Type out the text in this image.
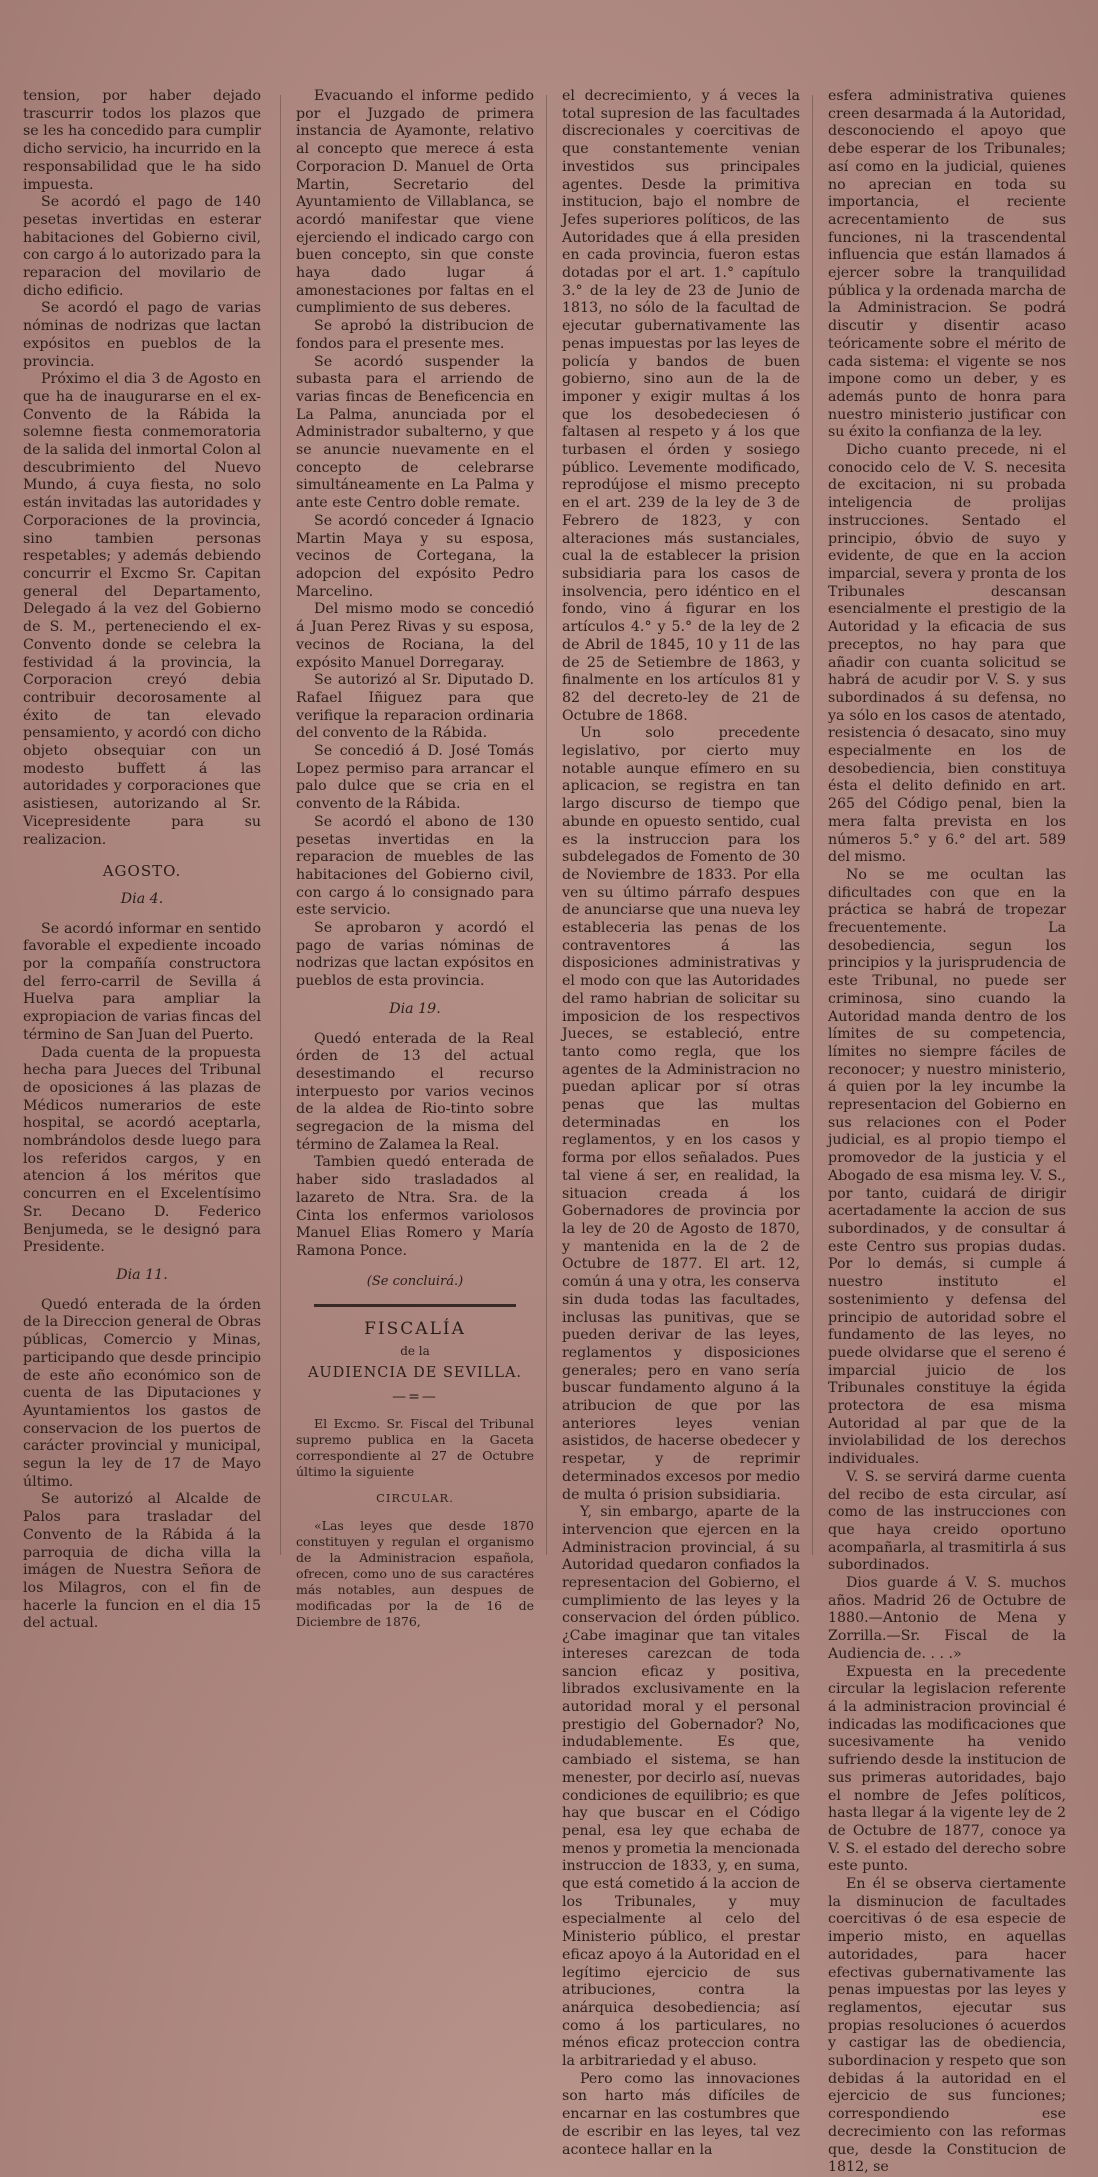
tension, por haber dejado trascurrir todos los plazos que se les ha concedido para cumplir dicho servicio, ha incurrido en la responsabilidad que le ha sido impuesta.

Se acordó el pago de 140 pesetas invertidas en esterar habitaciones del Gobierno civil, con cargo á lo autorizado para la reparacion del movilario de dicho edificio.

Se acordó el pago de varias nóminas de nodrizas que lactan expósitos en pueblos de la provincia.

Próximo el dia 3 de Agosto en que ha de inaugurarse en el ex-Convento de la Rábida la solemne fiesta conmemoratoria de la salida del inmortal Colon al descubrimiento del Nuevo Mundo, á cuya fiesta, no solo están invitadas las autoridades y Corporaciones de la provincia, sino tambien personas respetables; y además debiendo concurrir el Excmo Sr. Capitan general del Departamento, Delegado á la vez del Gobierno de S. M., perteneciendo el ex-Convento donde se celebra la festividad á la provincia, la Corporacion creyó debia contribuir decorosamente al éxito de tan elevado pensamiento, y acordó con dicho objeto obsequiar con un modesto buffett á las autoridades y corporaciones que asistiesen, autorizando al Sr. Vicepresidente para su realizacion.

AGOSTO.

Dia 4.

Se acordó informar en sentido favorable el expediente incoado por la compañía constructora del ferro-carril de Sevilla á Huelva para ampliar la expropiacion de varias fincas del término de San Juan del Puerto.

Dada cuenta de la propuesta hecha para Jueces del Tribunal de oposiciones á las plazas de Médicos numerarios de este hospital, se acordó aceptarla, nombrándolos desde luego para los referidos cargos, y en atencion á los méritos que concurren en el Excelentísimo Sr. Decano D. Federico Benjumeda, se le designó para Presidente.

Dia 11.

Quedó enterada de la órden de la Direccion general de Obras públicas, Comercio y Minas, participando que desde principio de este año económico son de cuenta de las Diputaciones y Ayuntamientos los gastos de conservacion de los puertos de carácter provincial y municipal, segun la ley de 17 de Mayo último.

Se autorizó al Alcalde de Palos para trasladar del Convento de la Rábida á la parroquia de dicha villa la imágen de Nuestra Señora de los Milagros, con el fin de hacerle la funcion en el dia 15 del actual.

Evacuando el informe pedido por el Juzgado de primera instancia de Ayamonte, relativo al concepto que merece á esta Corporacion D. Manuel de Orta Martin, Secretario del Ayuntamiento de Villablanca, se acordó manifestar que viene ejerciendo el indicado cargo con buen concepto, sin que conste haya dado lugar á amonestaciones por faltas en el cumplimiento de sus deberes.

Se aprobó la distribucion de fondos para el presente mes.

Se acordó suspender la subasta para el arriendo de varias fincas de Beneficencia en La Palma, anunciada por el Administrador subalterno, y que se anuncie nuevamente en el concepto de celebrarse simultáneamente en La Palma y ante este Centro doble remate.

Se acordó conceder á Ignacio Martin Maya y su esposa, vecinos de Cortegana, la adopcion del expósito Pedro Marcelino.

Del mismo modo se concedió á Juan Perez Rivas y su esposa, vecinos de Rociana, la del expósito Manuel Dorregaray.

Se autorizó al Sr. Diputado D. Rafael Iñiguez para que verifique la reparacion ordinaria del convento de la Rábida.

Se concedió á D. José Tomás Lopez permiso para arrancar el palo dulce que se cria en el convento de la Rábida.

Se acordó el abono de 130 pesetas invertidas en la reparacion de muebles de las habitaciones del Gobierno civil, con cargo á lo consignado para este servicio.

Se aprobaron y acordó el pago de varias nóminas de nodrizas que lactan expósitos en pueblos de esta provincia.

Dia 19.

Quedó enterada de la Real órden de 13 del actual desestimando el recurso interpuesto por varios vecinos de la aldea de Rio-tinto sobre segregacion de la misma del término de Zalamea la Real.

Tambien quedó enterada de haber sido trasladados al lazareto de Ntra. Sra. de la Cinta los enfermos variolosos Manuel Elias Romero y María Ramona Ponce.

(Se concluirá.)

FISCALÍA

de la

AUDIENCIA DE SEVILLA.

—=—

El Excmo. Sr. Fiscal del Tribunal supremo publica en la Gaceta correspondiente al 27 de Octubre último la siguiente

CIRCULAR.

«Las leyes que desde 1870 constituyen y regulan el organismo de la Administracion española, ofrecen, como uno de sus caractéres más notables, aun despues de modificadas por la de 16 de Diciembre de 1876,

el decrecimiento, y á veces la total supresion de las facultades discrecionales y coercitivas de que constantemente venian investidos sus principales agentes. Desde la primitiva institucion, bajo el nombre de Jefes superiores políticos, de las Autoridades que á ella presiden en cada provincia, fueron estas dotadas por el art. 1.° capítulo 3.° de la ley de 23 de Junio de 1813, no sólo de la facultad de ejecutar gubernativamente las penas impuestas por las leyes de policía y bandos de buen gobierno, sino aun de la de imponer y exigir multas á los que los desobedeciesen ó faltasen al respeto y á los que turbasen el órden y sosiego público. Levemente modificado, reprodújose el mismo precepto en el art. 239 de la ley de 3 de Febrero de 1823, y con alteraciones más sustanciales, cual la de establecer la prision subsidiaria para los casos de insolvencia, pero idéntico en el fondo, vino á figurar en los artículos 4.° y 5.° de la ley de 2 de Abril de 1845, 10 y 11 de las de 25 de Setiembre de 1863, y finalmente en los artículos 81 y 82 del decreto-ley de 21 de Octubre de 1868.

Un solo precedente legislativo, por cierto muy notable aunque efímero en su aplicacion, se registra en tan largo discurso de tiempo que abunde en opuesto sentido, cual es la instruccion para los subdelegados de Fomento de 30 de Noviembre de 1833. Por ella ven su último párrafo despues de anunciarse que una nueva ley estableceria las penas de los contraventores á las disposiciones administrativas y el modo con que las Autoridades del ramo habrian de solicitar su imposicion de los respectivos Jueces, se estableció, entre tanto como regla, que los agentes de la Administracion no puedan aplicar por sí otras penas que las multas determinadas en los reglamentos, y en los casos y forma por ellos señalados. Pues tal viene á ser, en realidad, la situacion creada á los Gobernadores de provincia por la ley de 20 de Agosto de 1870, y mantenida en la de 2 de Octubre de 1877. El art. 12, común á una y otra, les conserva sin duda todas las facultades, inclusas las punitivas, que se pueden derivar de las leyes, reglamentos y disposiciones generales; pero en vano sería buscar fundamento alguno á la atribucion de que por las anteriores leyes venian asistidos, de hacerse obedecer y respetar, y de reprimir determinados excesos por medio de multa ó prision subsidiaria.

Y, sin embargo, aparte de la intervencion que ejercen en la Administracion provincial, á su Autoridad quedaron confiados la representacion del Gobierno, el cumplimiento de las leyes y la conservacion del órden público. ¿Cabe imaginar que tan vitales intereses carezcan de toda sancion eficaz y positiva, librados exclusivamente en la autoridad moral y el personal prestigio del Gobernador? No, indudablemente. Es que, cambiado el sistema, se han menester, por decirlo así, nuevas condiciones de equilibrio; es que hay que buscar en el Código penal, esa ley que echaba de menos y prometia la mencionada instruccion de 1833, y, en suma, que está cometido á la accion de los Tribunales, y muy especialmente al celo del Ministerio público, el prestar eficaz apoyo á la Autoridad en el legítimo ejercicio de sus atribuciones, contra la anárquica desobediencia; así como á los particulares, no ménos eficaz proteccion contra la arbitrariedad y el abuso.

Pero como las innovaciones son harto más difíciles de encarnar en las costumbres que de escribir en las leyes, tal vez acontece hallar en la

esfera administrativa quienes creen desarmada á la Autoridad, desconociendo el apoyo que debe esperar de los Tribunales; así como en la judicial, quienes no aprecian en toda su importancia, el reciente acrecentamiento de sus funciones, ni la trascendental influencia que están llamados á ejercer sobre la tranquilidad pública y la ordenada marcha de la Administracion. Se podrá discutir y disentir acaso teóricamente sobre el mérito de cada sistema: el vigente se nos impone como un deber, y es además punto de honra para nuestro ministerio justificar con su éxito la confianza de la ley.

Dicho cuanto precede, ni el conocido celo de V. S. necesita de excitacion, ni su probada inteligencia de prolijas instrucciones. Sentado el principio, óbvio de suyo y evidente, de que en la accion imparcial, severa y pronta de los Tribunales descansan esencialmente el prestigio de la Autoridad y la eficacia de sus preceptos, no hay para que añadir con cuanta solicitud se habrá de acudir por V. S. y sus subordinados á su defensa, no ya sólo en los casos de atentado, resistencia ó desacato, sino muy especialmente en los de desobediencia, bien constituya ésta el delito definido en art. 265 del Código penal, bien la mera falta prevista en los números 5.° y 6.° del art. 589 del mismo.

No se me ocultan las dificultades con que en la práctica se habrá de tropezar frecuentemente. La desobediencia, segun los principios y la jurisprudencia de este Tribunal, no puede ser criminosa, sino cuando la Autoridad manda dentro de los límites de su competencia, límites no siempre fáciles de reconocer; y nuestro ministerio, á quien por la ley incumbe la representacion del Gobierno en sus relaciones con el Poder judicial, es al propio tiempo el promovedor de la justicia y el Abogado de esa misma ley. V. S., por tanto, cuidará de dirigir acertadamente la accion de sus subordinados, y de consultar á este Centro sus propias dudas. Por lo demás, si cumple á nuestro instituto el sostenimiento y defensa del principio de autoridad sobre el fundamento de las leyes, no puede olvidarse que el sereno é imparcial juicio de los Tribunales constituye la égida protectora de esa misma Autoridad al par que de la inviolabilidad de los derechos individuales.

V. S. se servirá darme cuenta del recibo de esta circular, así como de las instrucciones con que haya creido oportuno acompañarla, al trasmitirla á sus subordinados.

Dios guarde á V. S. muchos años. Madrid 26 de Octubre de 1880.—Antonio de Mena y Zorrilla.—Sr. Fiscal de la Audiencia de. . . .»

Expuesta en la precedente circular la legislacion referente á la administracion provincial é indicadas las modificaciones que sucesivamente ha venido sufriendo desde la institucion de sus primeras autoridades, bajo el nombre de Jefes políticos, hasta llegar á la vigente ley de 2 de Octubre de 1877, conoce ya V. S. el estado del derecho sobre este punto.

En él se observa ciertamente la disminucion de facultades coercitivas ó de esa especie de imperio misto, en aquellas autoridades, para hacer efectivas gubernativamente las penas impuestas por las leyes y reglamentos, ejecutar sus propias resoluciones ó acuerdos y castigar las de obediencia, subordinacion y respeto que son debidas á la autoridad en el ejercicio de sus funciones; correspondiendo ese decrecimiento con las reformas que, desde la Constitucion de 1812, se
